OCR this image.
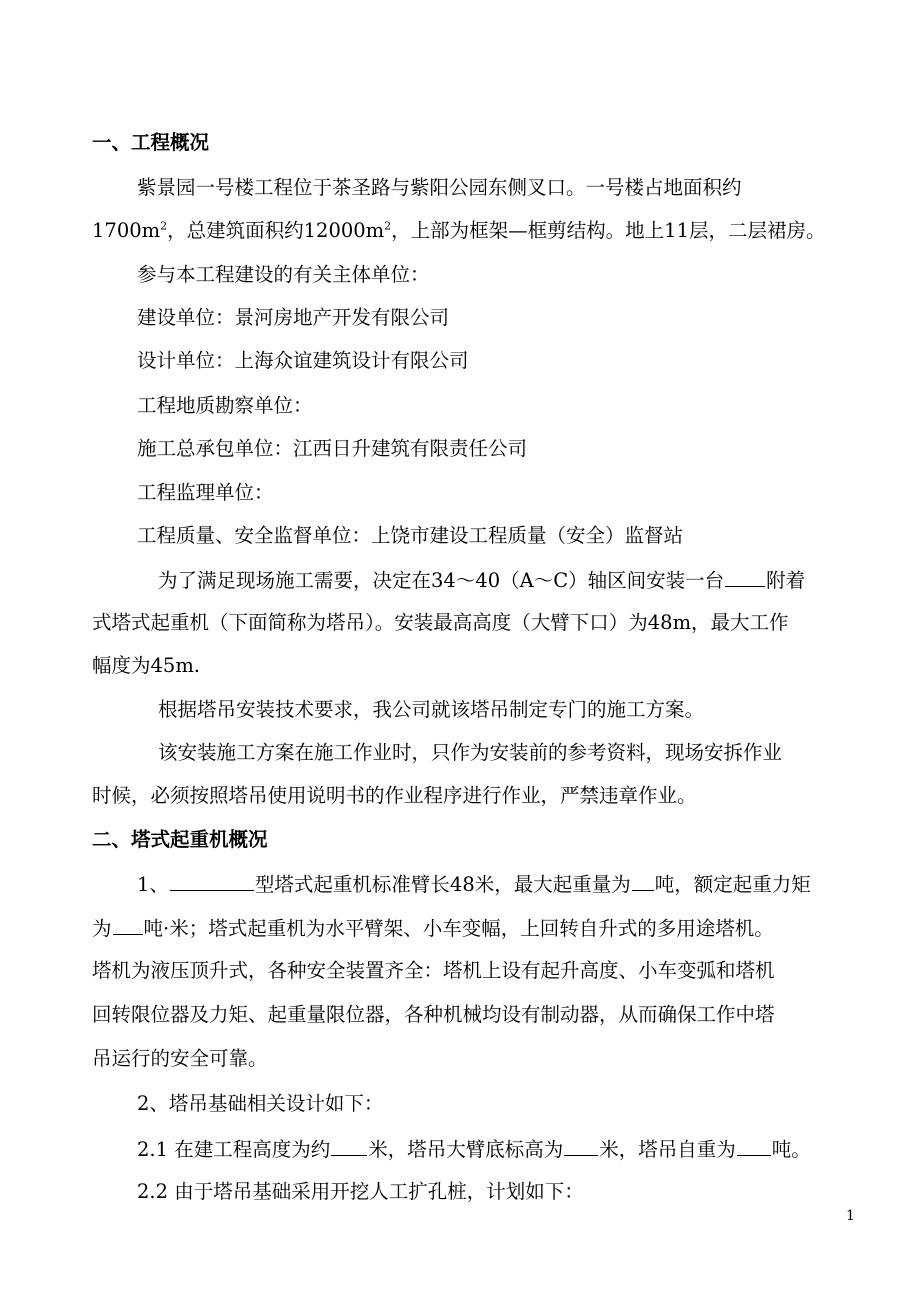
一、工程概况
紫景园一号楼工程位于茶圣路与紫阳公园东侧叉口。一号楼占地面积约
$1700m^2$，总建筑面积约$12000m^2$，上部为框架—框剪结构。地上11层，二层裙房。
参与本工程建设的有关主体单位：
建设单位：景河房地产开发有限公司
设计单位：上海众谊建筑设计有限公司
工程地质勘察单位：
施工总承包单位：江西日升建筑有限责任公司
工程监理单位：
工程质量、安全监督单位：上饶市建设工程质量（安全）监督站
为了满足现场施工需要，决定在34～40（A～C）轴区间安装一台 附着
式塔式起重机（下面简称为塔吊）。安装最高高度（大臂下口）为48m，最大工作
幅度为45m.
根据塔吊安装技术要求，我公司就该塔吊制定专门的施工方案。
该安装施工方案在施工作业时，只作为安装前的参考资料，现场安拆作业
时候，必须按照塔吊使用说明书的作业程序进行作业，严禁违章作业。
二、塔式起重机概况
1、	型塔式起重机标准臂长48米，最大起重量为 吨，额定起重力矩
为 吨·米；塔式起重机为水平臂架、小车变幅，上回转自升式的多用途塔机。
塔机为液压顶升式，各种安全装置齐全：塔机上设有起升高度、小车变弧和塔机
回转限位器及力矩、起重量限位器，各种机械均设有制动器，从而确保工作中塔
吊运行的安全可靠。
2、塔吊基础相关设计如下：
2.1 在建工程高度为约 米，塔吊大臂底标高为 米，塔吊自重为 吨。
2.2 由于塔吊基础采用开挖人工扩孔桩，计划如下：
1
